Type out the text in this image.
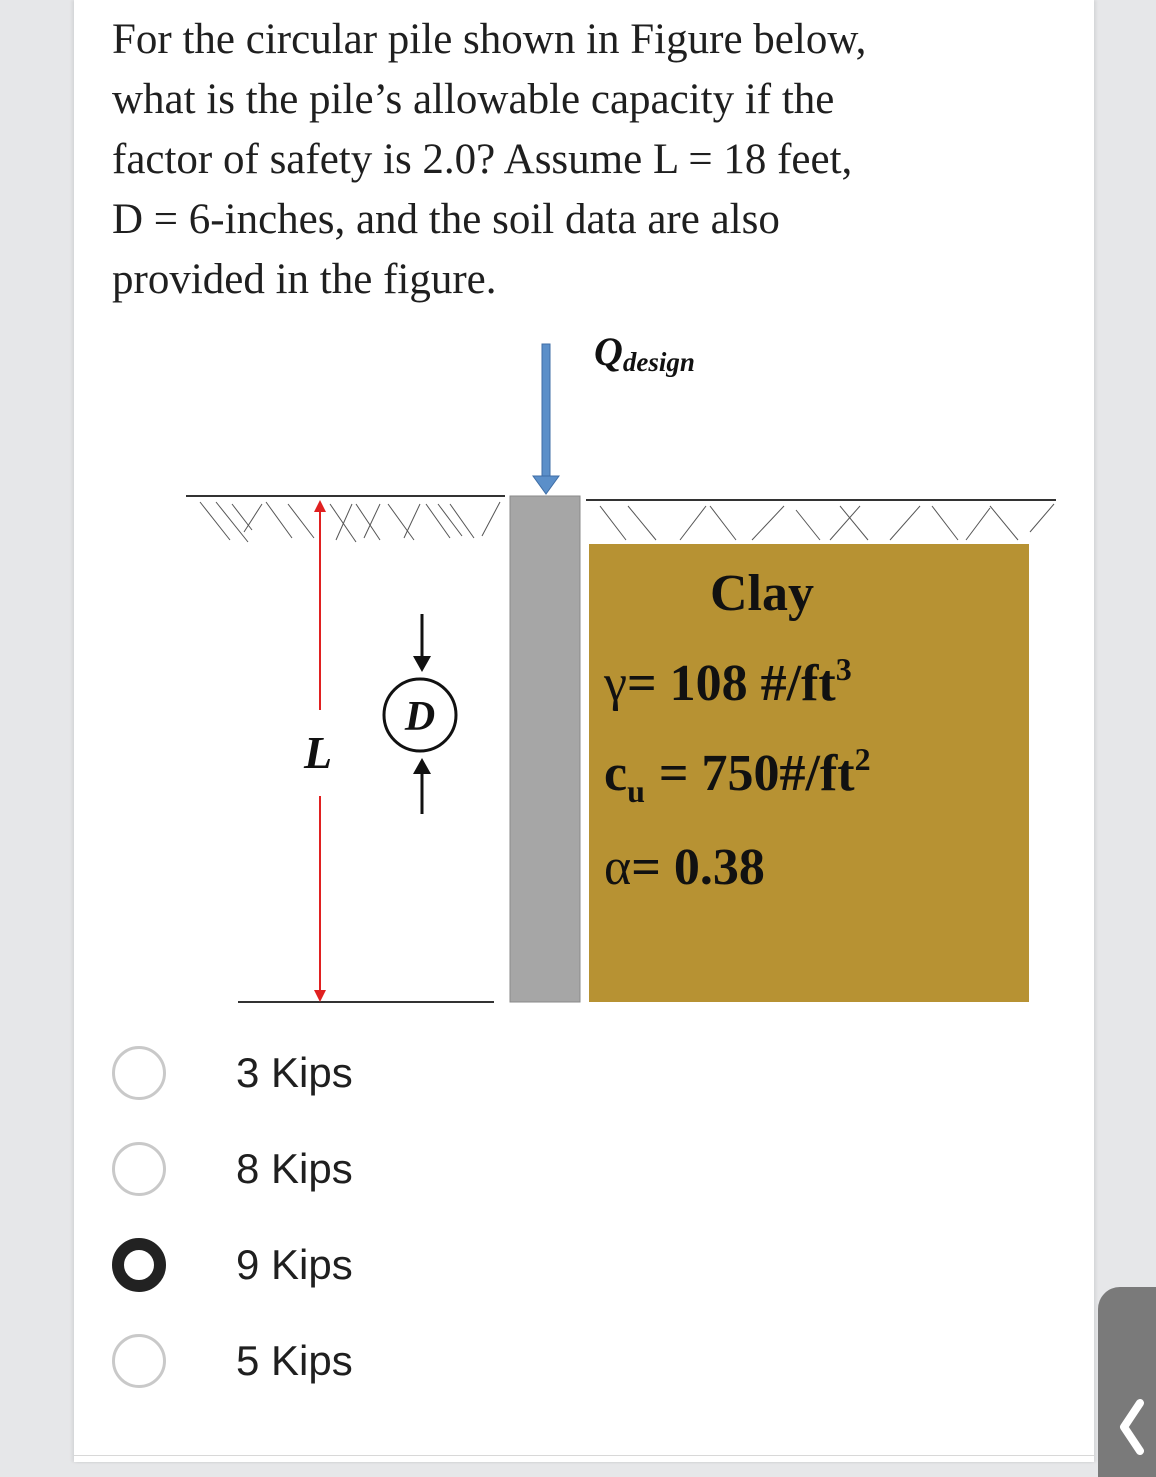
For the circular pile shown in Figure below,
what is the pile’s allowable capacity if the
factor of safety is 2.0? Assume L = 18 feet,
D = 6-inches, and the soil data are also
provided in the figure.
Qdesign
Clay
γ= 108 $\#/ft^3$
$c_u$ = $750\#/ft^2$
α= 0.38
L
D
3 Kips
8 Kips
9 Kips
5 Kips
